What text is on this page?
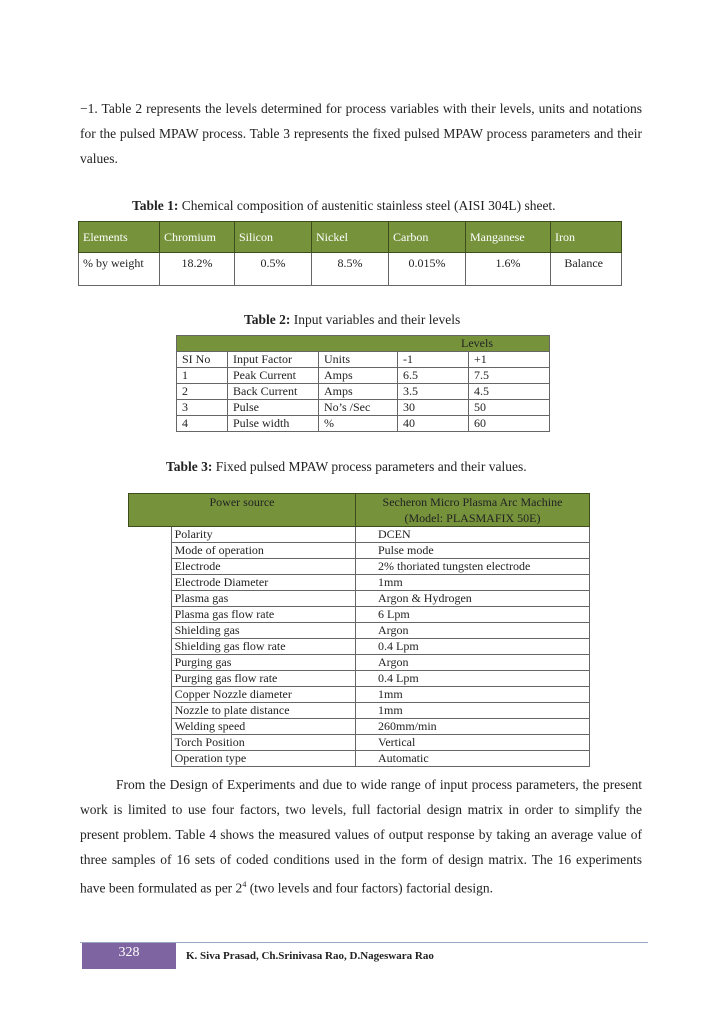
−1. Table 2 represents the levels determined for process variables with their levels, units and notations for the pulsed MPAW process. Table 3 represents the fixed pulsed MPAW process parameters and their values.

Table 1: Chemical composition of austenitic stainless steel (AISI 304L) sheet.
Elements	Chromium	Silicon	Nickel	Carbon	Manganese	Iron
% by weight	18.2%	0.5%	8.5%	0.015%	1.6%	Balance
Table 2: Input variables and their levels
Levels				
SI No	Input Factor	Units	-1	+1
1	Peak Current	Amps	6.5	7.5
2	Back Current	Amps	3.5	4.5
3	Pulse	No’s /Sec	30	50
4	Pulse width	%	40	60
Table 3: Fixed pulsed MPAW process parameters and their values.
Power source		Secheron Micro Plasma Arc Machine
(Model: PLASMAFIX 50E)
	Polarity	DCEN
	Mode of operation	Pulse mode
	Electrode	2% thoriated tungsten electrode
	Electrode Diameter	1mm
	Plasma gas	Argon & Hydrogen
	Plasma gas flow rate	6 Lpm
	Shielding gas	Argon
	Shielding gas flow rate	0.4 Lpm
	Purging gas	Argon
	Purging gas flow rate	0.4 Lpm
	Copper Nozzle diameter	1mm
	Nozzle to plate distance	1mm
	Welding speed	260mm/min
	Torch Position	Vertical
	Operation type	Automatic

From the Design of Experiments and due to wide range of input process parameters, the present work is limited to use four factors, two levels, full factorial design matrix in order to simplify the present problem. Table 4 shows the measured values of output response by taking an average value of three samples of 16 sets of coded conditions used in the form of design matrix. The 16 experiments have been formulated as per $2^4$ (two levels and four factors) factorial design.

328	K. Siva Prasad, Ch.Srinivasa Rao, D.Nageswara Rao
